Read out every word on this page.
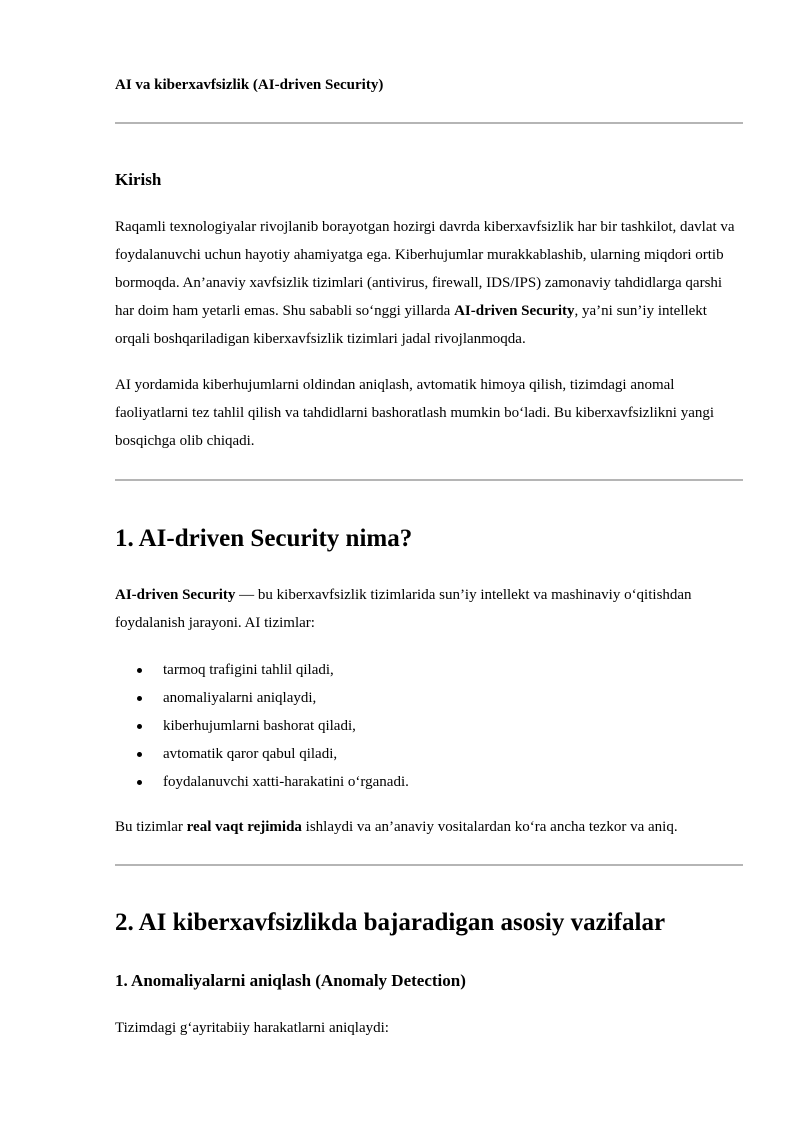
AI va kiberxavfsizlik (AI-driven Security)

Kirish

Raqamli texnologiyalar rivojlanib borayotgan hozirgi davrda kiberxavfsizlik har bir tashkilot, davlat va foydalanuvchi uchun hayotiy ahamiyatga ega. Kiberhujumlar murakkablashib, ularning miqdori ortib bormoqda. An’anaviy xavfsizlik tizimlari (antivirus, firewall, IDS/IPS) zamonaviy tahdidlarga qarshi har doim ham yetarli emas. Shu sababli so‘nggi yillarda AI-driven Security, ya’ni sun’iy intellekt orqali boshqariladigan kiberxavfsizlik tizimlari jadal rivojlanmoqda.

AI yordamida kiberhujumlarni oldindan aniqlash, avtomatik himoya qilish, tizimdagi anomal faoliyatlarni tez tahlil qilish va tahdidlarni bashoratlash mumkin bo‘ladi. Bu kiberxavfsizlikni yangi bosqichga olib chiqadi.

1. AI-driven Security nima?

AI-driven Security — bu kiberxavfsizlik tizimlarida sun’iy intellekt va mashinaviy o‘qitishdan foydalanish jarayoni. AI tizimlar:

tarmoq trafigini tahlil qiladi,
anomaliyalarni aniqlaydi,
kiberhujumlarni bashorat qiladi,
avtomatik qaror qabul qiladi,
foydalanuvchi xatti-harakatini o‘rganadi.

Bu tizimlar real vaqt rejimida ishlaydi va an’anaviy vositalardan ko‘ra ancha tezkor va aniq.

2. AI kiberxavfsizlikda bajaradigan asosiy vazifalar
1. Anomaliyalarni aniqlash (Anomaly Detection)

Tizimdagi g‘ayritabiiy harakatlarni aniqlaydi:
